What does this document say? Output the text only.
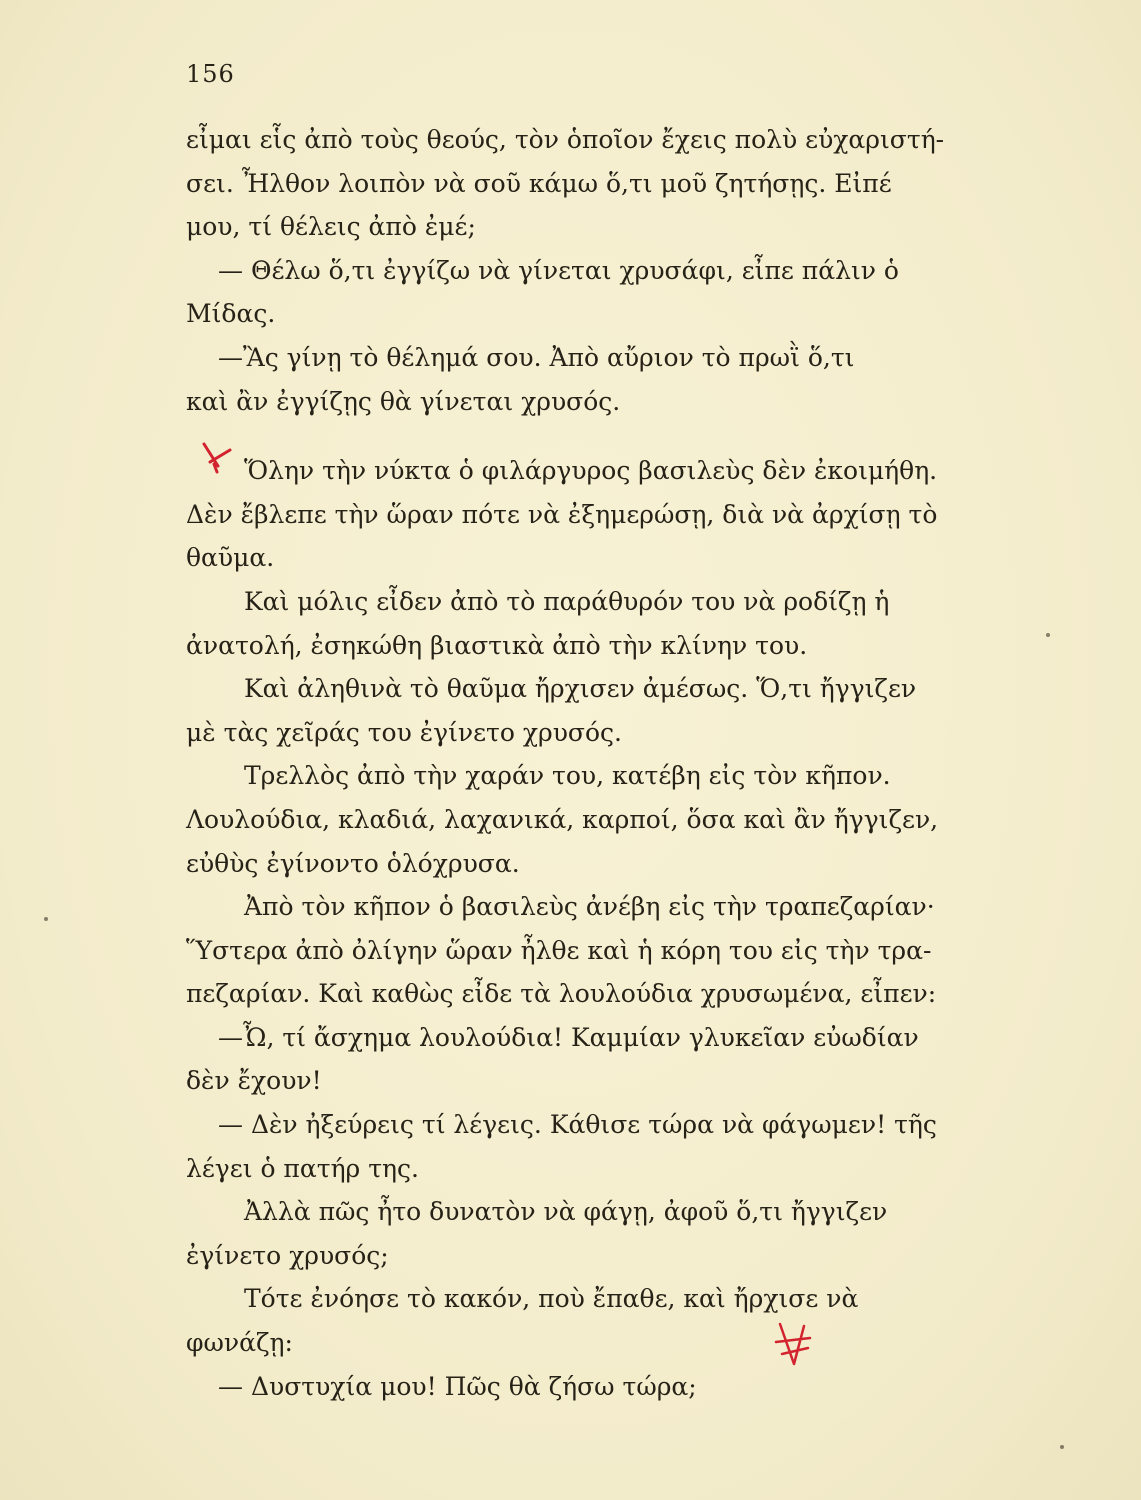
156
εἶμαι εἷς ἀπὸ τοὺς θεούς, τὸν ὁποῖον ἔχεις πολὺ εὐχαριστή-
σει. Ἦλθον λοιπὸν νὰ σοῦ κάμω ὅ,τι μοῦ ζητήσῃς. Εἰπέ
μου, τί θέλεις ἀπὸ ἐμέ;
— Θέλω ὅ,τι ἐγγίζω νὰ γίνεται χρυσάφι, εἶπε πάλιν ὁ
Μίδας.
—Ἂς γίνῃ τὸ θέλημά σου. Ἀπὸ αὔριον τὸ πρωῒ ὅ,τι
καὶ ἂν ἐγγίζῃς θὰ γίνεται χρυσός.
Ὅλην τὴν νύκτα ὁ φιλάργυρος βασιλεὺς δὲν ἐκοιμήθη.
Δὲν ἔβλεπε τὴν ὥραν πότε νὰ ἐξημερώσῃ, διὰ νὰ ἀρχίσῃ τὸ
θαῦμα.
Καὶ μόλις εἶδεν ἀπὸ τὸ παράθυρόν του νὰ ροδίζῃ ἡ
ἀνατολή, ἐσηκώθη βιαστικὰ ἀπὸ τὴν κλίνην του.
Καὶ ἀληθινὰ τὸ θαῦμα ἤρχισεν ἀμέσως. Ὅ,τι ἤγγιζεν
μὲ τὰς χεῖράς του ἐγίνετο χρυσός.
Τρελλὸς ἀπὸ τὴν χαράν του, κατέβη εἰς τὸν κῆπον.
Λουλούδια, κλαδιά, λαχανικά, καρποί, ὅσα καὶ ἂν ἤγγιζεν,
εὐθὺς ἐγίνοντο ὁλόχρυσα.
Ἀπὸ τὸν κῆπον ὁ βασιλεὺς ἀνέβη εἰς τὴν τραπεζαρίαν·
Ὕστερα ἀπὸ ὀλίγην ὥραν ἦλθε καὶ ἡ κόρη του εἰς τὴν τρα-
πεζαρίαν. Καὶ καθὼς εἶδε τὰ λουλούδια χρυσωμένα, εἶπεν:
—Ὦ, τί ἄσχημα λουλούδια! Καμμίαν γλυκεῖαν εὐωδίαν
δὲν ἔχουν!
— Δὲν ἠξεύρεις τί λέγεις. Κάθισε τώρα νὰ φάγωμεν! τῆς
λέγει ὁ πατήρ της.
Ἀλλὰ πῶς ἦτο δυνατὸν νὰ φάγῃ, ἀφοῦ ὅ,τι ἤγγιζεν
ἐγίνετο χρυσός;
Τότε ἐνόησε τὸ κακόν, ποὺ ἔπαθε, καὶ ἤρχισε νὰ
φωνάζῃ:
— Δυστυχία μου! Πῶς θὰ ζήσω τώρα;
